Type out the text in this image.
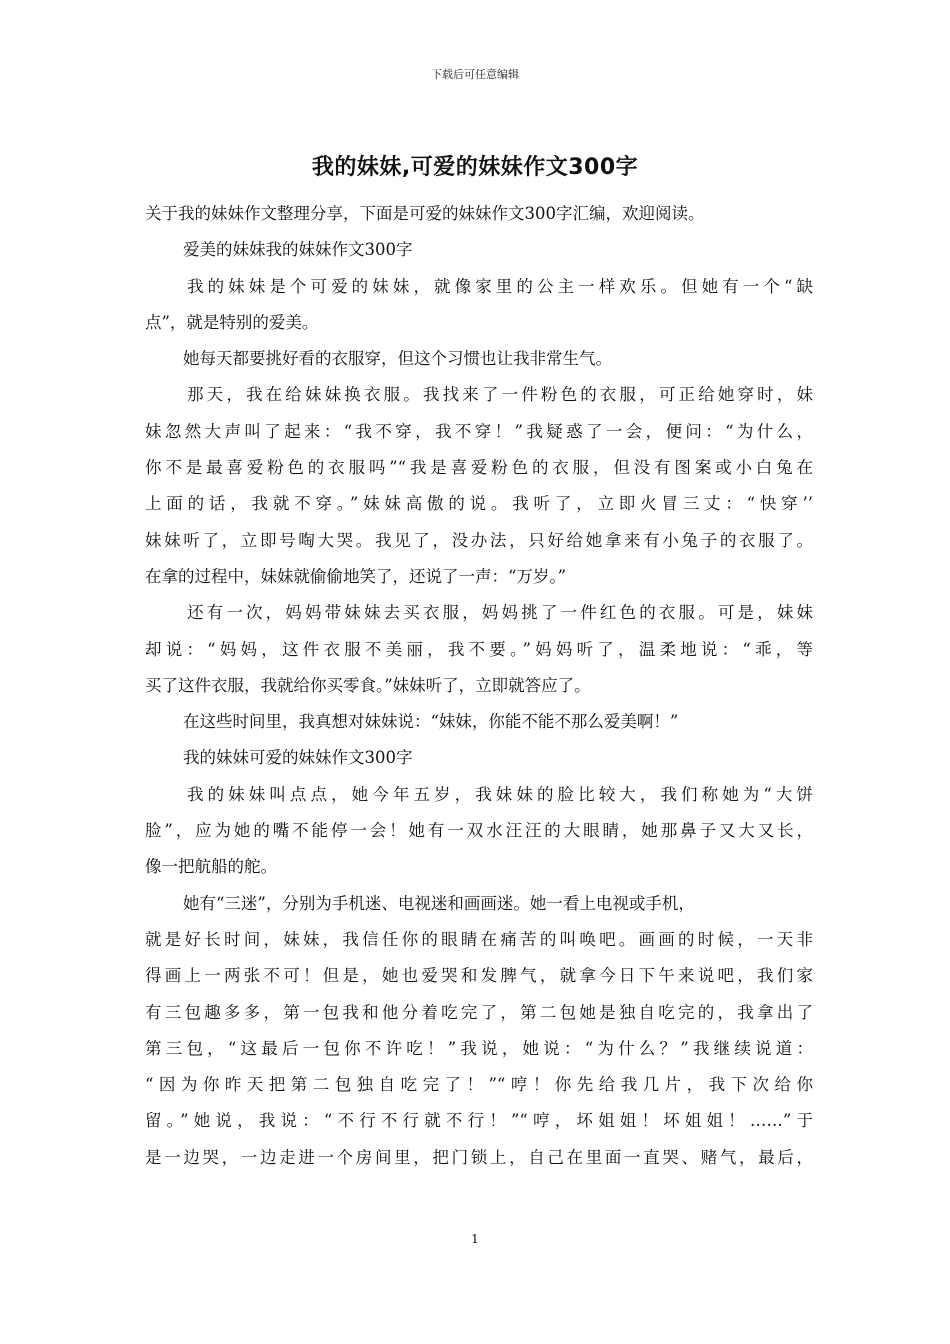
下载后可任意编辑
我的妹妹,可爱的妹妹作文300字
关于我的妹妹作文整理分享，下面是可爱的妹妹作文300字汇编，欢迎阅读。
爱美的妹妹我的妹妹作文300字
我的妹妹是个可爱的妹妹，就像家里的公主一样欢乐。但她有一个“缺
点”，就是特别的爱美。
她每天都要挑好看的衣服穿，但这个习惯也让我非常生气。
那天，我在给妹妹换衣服。我找来了一件粉色的衣服，可正给她穿时，妹
妹忽然大声叫了起来：“我不穿，我不穿！”我疑惑了一会，便问：“为什么，
你不是最喜爱粉色的衣服吗”“我是喜爱粉色的衣服，但没有图案或小白兔在
上面的话，我就不穿。”妹妹高傲的说。我听了，立即火冒三丈：“快穿’’
妹妹听了，立即号啕大哭。我见了，没办法，只好给她拿来有小兔子的衣服了。
在拿的过程中，妹妹就偷偷地笑了，还说了一声：“万岁。”
还有一次，妈妈带妹妹去买衣服，妈妈挑了一件红色的衣服。可是，妹妹
却说：“妈妈，这件衣服不美丽，我不要。”妈妈听了，温柔地说：“乖，等
买了这件衣服，我就给你买零食。”妹妹听了，立即就答应了。
在这些时间里，我真想对妹妹说：“妹妹，你能不能不那么爱美啊！”
我的妹妹可爱的妹妹作文300字
我的妹妹叫点点，她今年五岁，我妹妹的脸比较大，我们称她为“大饼
脸”，应为她的嘴不能停一会！她有一双水汪汪的大眼睛，她那鼻子又大又长，
像一把航船的舵。
她有“三迷”，分别为手机迷、电视迷和画画迷。她一看上电视或手机，
就是好长时间，妹妹，我信任你的眼睛在痛苦的叫唤吧。画画的时候，一天非
得画上一两张不可！但是，她也爱哭和发脾气，就拿今日下午来说吧，我们家
有三包趣多多，第一包我和他分着吃完了，第二包她是独自吃完的，我拿出了
第三包，“这最后一包你不许吃！”我说，她说：“为什么？”我继续说道：
“因为你昨天把第二包独自吃完了！”“哼！你先给我几片，我下次给你
留。”她说，我说：“不行不行就不行！”“哼，坏姐姐！坏姐姐！……”于
是一边哭，一边走进一个房间里，把门锁上，自己在里面一直哭、赌气，最后，
1
